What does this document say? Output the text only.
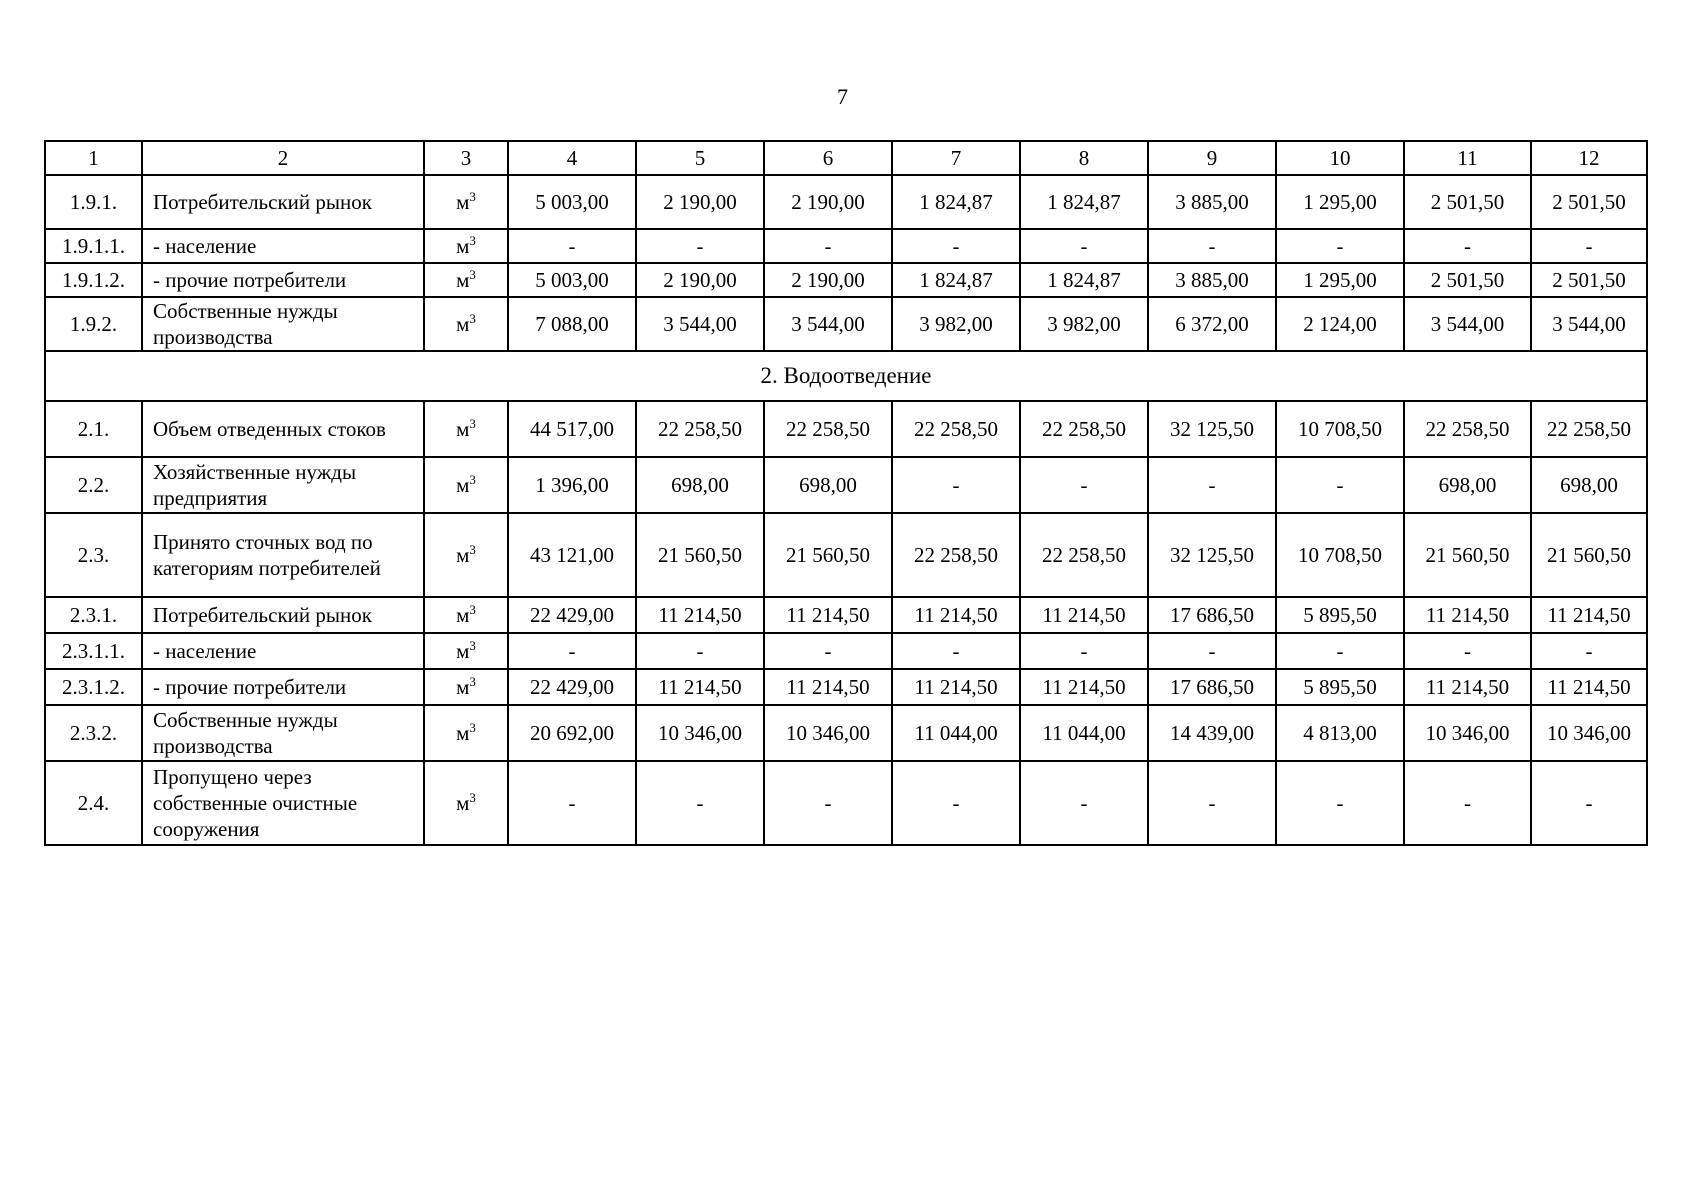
7
1	2	3	4	5	6	7	8	9	10	11	12
1.9.1.	Потребительский рынок	$м^3$	5 003,00	2 190,00	2 190,00	1 824,87	1 824,87	3 885,00	1 295,00	2 501,50	2 501,50
1.9.1.1.	- население	$м^3$	-	-	-	-	-	-	-	-	-
1.9.1.2.	- прочие потребители	$м^3$	5 003,00	2 190,00	2 190,00	1 824,87	1 824,87	3 885,00	1 295,00	2 501,50	2 501,50
1.9.2.	Собственные нужды производства	$м^3$	7 088,00	3 544,00	3 544,00	3 982,00	3 982,00	6 372,00	2 124,00	3 544,00	3 544,00
2. Водоотведение											
2.1.	Объем отведенных стоков	$м^3$	44 517,00	22 258,50	22 258,50	22 258,50	22 258,50	32 125,50	10 708,50	22 258,50	22 258,50
2.2.	Хозяйственные нужды предприятия	$м^3$	1 396,00	698,00	698,00	-	-	-	-	698,00	698,00
2.3.	Принято сточных вод по категориям потребителей	$м^3$	43 121,00	21 560,50	21 560,50	22 258,50	22 258,50	32 125,50	10 708,50	21 560,50	21 560,50
2.3.1.	Потребительский рынок	$м^3$	22 429,00	11 214,50	11 214,50	11 214,50	11 214,50	17 686,50	5 895,50	11 214,50	11 214,50
2.3.1.1.	- население	$м^3$	-	-	-	-	-	-	-	-	-
2.3.1.2.	- прочие потребители	$м^3$	22 429,00	11 214,50	11 214,50	11 214,50	11 214,50	17 686,50	5 895,50	11 214,50	11 214,50
2.3.2.	Собственные нужды производства	$м^3$	20 692,00	10 346,00	10 346,00	11 044,00	11 044,00	14 439,00	4 813,00	10 346,00	10 346,00
2.4.	Пропущено через собственные очистные сооружения	$м^3$	-	-	-	-	-	-	-	-	-
